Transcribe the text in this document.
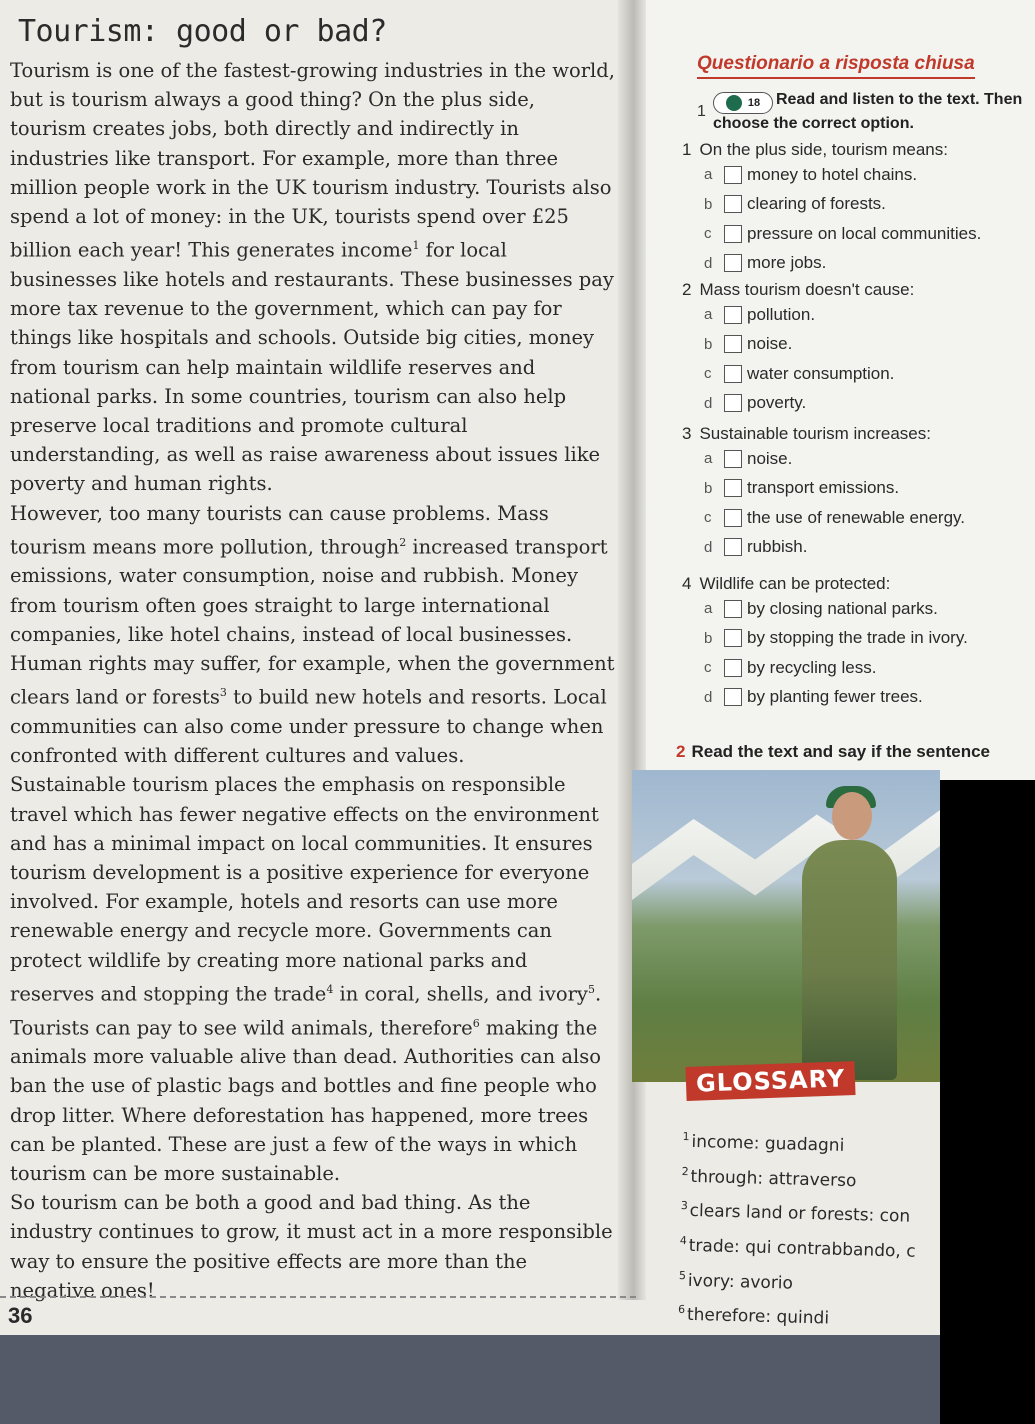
Tourism: good or bad?

Tourism is one of the fastest-growing industries in the world, but is tourism always a good thing? On the plus side, tourism creates jobs, both directly and indirectly in industries like transport. For example, more than three million people work in the UK tourism industry. Tourists also spend a lot of money: in the UK, tourists spend over £25 billion each year! This generates income$^1$ for local businesses like hotels and restaurants. These businesses pay more tax revenue to the government, which can pay for things like hospitals and schools. Outside big cities, money from tourism can help maintain wildlife reserves and national parks. In some countries, tourism can also help preserve local traditions and promote cultural understanding, as well as raise awareness about issues like poverty and human rights.

However, too many tourists can cause problems. Mass tourism means more pollution, through$^2$ increased transport emissions, water consumption, noise and rubbish. Money from tourism often goes straight to large international companies, like hotel chains, instead of local businesses. Human rights may suffer, for example, when the government clears land or forests$^3$ to build new hotels and resorts. Local communities can also come under pressure to change when confronted with different cultures and values.

Sustainable tourism places the emphasis on responsible travel which has fewer negative effects on the environment and has a minimal impact on local communities. It ensures tourism development is a positive experience for everyone involved. For example, hotels and resorts can use more renewable energy and recycle more. Governments can protect wildlife by creating more national parks and reserves and stopping the trade$^4$ in coral, shells, and ivory$^5$. Tourists can pay to see wild animals, therefore$^6$ making the animals more valuable alive than dead. Authorities can also ban the use of plastic bags and bottles and fine people who drop litter. Where deforestation has happened, more trees can be planted. These are just a few of the ways in which tourism can be more sustainable.

So tourism can be both a good and bad thing. As the industry continues to grow, it must act in a more responsible way to ensure the positive effects are more than the negative ones!

36
Questionario a risposta chiusa
1
Read and listen to the text. Then choose the correct option.
18
1 On the plus side, tourism means:
a	money to hotel chains.
b	clearing of forests.
c	pressure on local communities.
d	more jobs.
2 Mass tourism doesn't cause:
a	pollution.
b	noise.
c	water consumption.
d	poverty.
3 Sustainable tourism increases:
a	noise.
b	transport emissions.
c	the use of renewable energy.
d	rubbish.
4 Wildlife can be protected:
a	by closing national parks.
b	by stopping the trade in ivory.
c	by recycling less.
d	by planting fewer trees.
2 Read the text and say if the sentence
GLOSSARY
$^1$income: guadagni
$^2$through: attraverso
$^3$clears land or forests: con
$^4$trade: qui contrabbando, c
$^5$ivory: avorio
$^6$therefore: quindi
